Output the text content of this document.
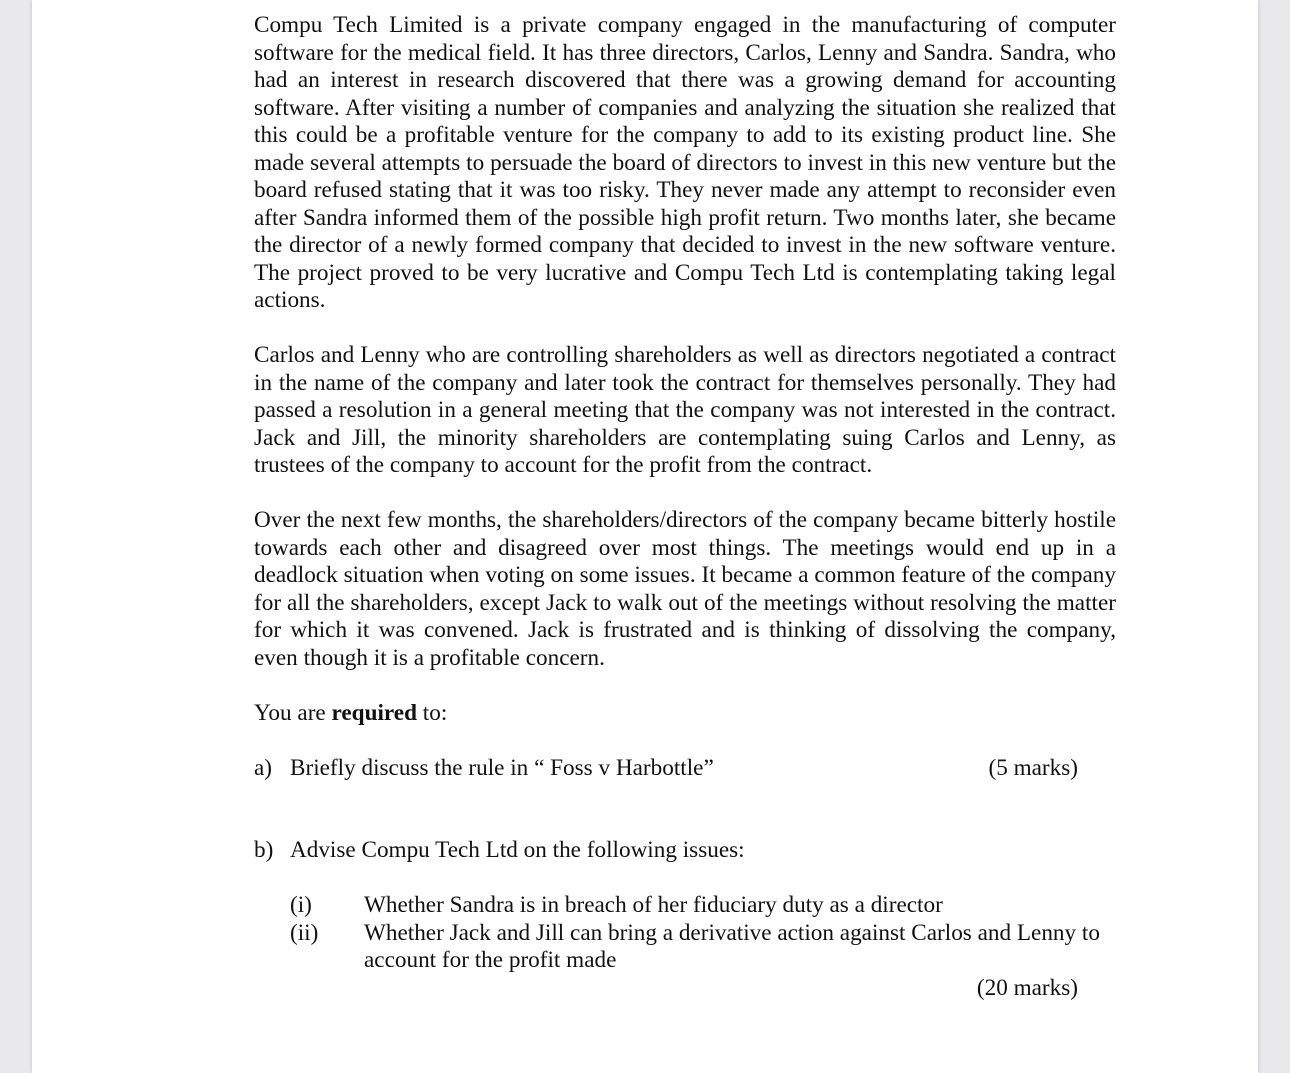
Compu Tech Limited is a private company engaged in the manufacturing of computer software for the medical field. It has three directors, Carlos, Lenny and Sandra. Sandra, who had an interest in research discovered that there was a growing demand for accounting software. After visiting a number of companies and analyzing the situation she realized that this could be a profitable venture for the company to add to its existing product line. She made several attempts to persuade the board of directors to invest in this new venture but the board refused stating that it was too risky. They never made any attempt to reconsider even after Sandra informed them of the possible high profit return. Two months later, she became the director of a newly formed company that decided to invest in the new software venture. The project proved to be very lucrative and Compu Tech Ltd is contemplating taking legal actions.

Carlos and Lenny who are controlling shareholders as well as directors negotiated a contract in the name of the company and later took the contract for themselves personally. They had passed a resolution in a general meeting that the company was not interested in the contract. Jack and Jill, the minority shareholders are contemplating suing Carlos and Lenny, as trustees of the company to account for the profit from the contract.

Over the next few months, the shareholders/directors of the company became bitterly hostile towards each other and disagreed over most things. The meetings would end up in a deadlock situation when voting on some issues. It became a common feature of the company for all the shareholders, except Jack to walk out of the meetings without resolving the matter for which it was convened. Jack is frustrated and is thinking of dissolving the company, even though it is a profitable concern.

You are required to:

a) Briefly discuss the rule in “ Foss v Harbottle”	(5 marks)
b) Advise Compu Tech Ltd on the following issues:
(i)	Whether Sandra is in breach of her fiduciary duty as a director
(ii)	Whether Jack and Jill can bring a derivative action against Carlos and Lenny to account for the profit made
(20 marks)
